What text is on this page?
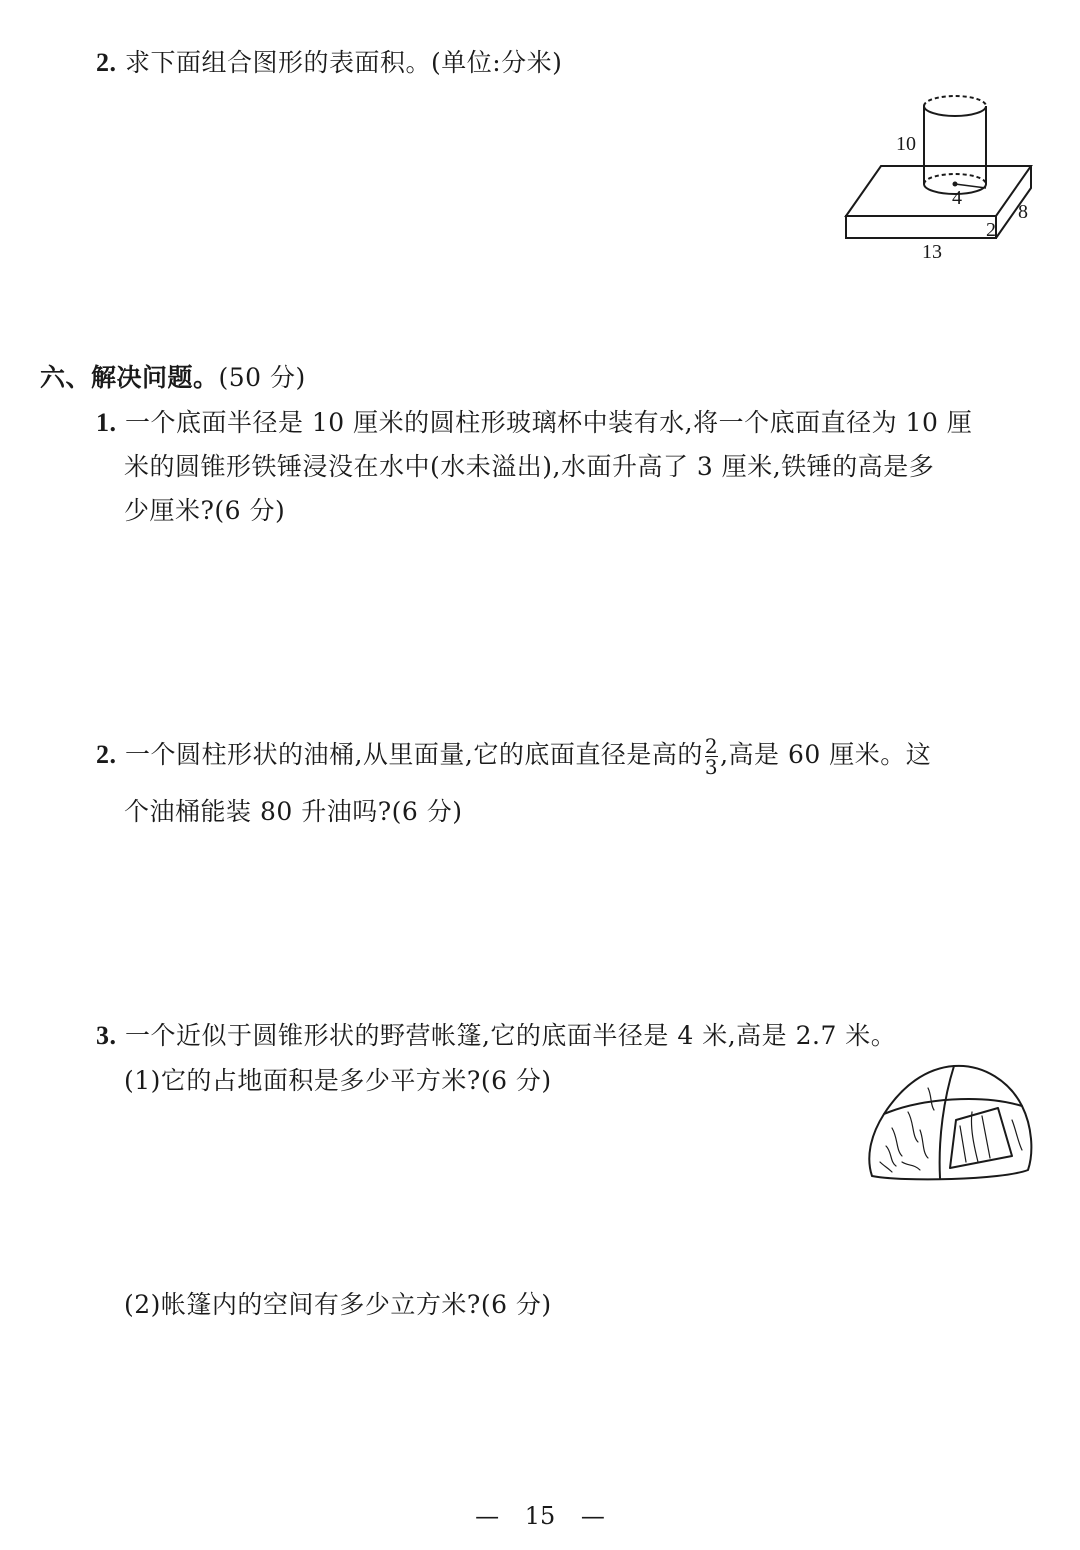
2. 求下面组合图形的表面积。(单位:分米)
10
4
2
8
13
六、解决问题。(50 分)
1. 一个底面半径是 10 厘米的圆柱形玻璃杯中装有水,将一个底面直径为 10 厘
米的圆锥形铁锤浸没在水中(水未溢出),水面升高了 3 厘米,铁锤的高是多
少厘米?(6 分)
2. 一个圆柱形状的油桶,从里面量,它的底面直径是高的 $\frac{2}{3}$ ,高是 60 厘米。这
个油桶能装 80 升油吗?(6 分)
3. 一个近似于圆锥形状的野营帐篷,它的底面半径是 4 米,高是 2.7 米。
(1)它的占地面积是多少平方米?(6 分)
(2)帐篷内的空间有多少立方米?(6 分)
— 15 —
